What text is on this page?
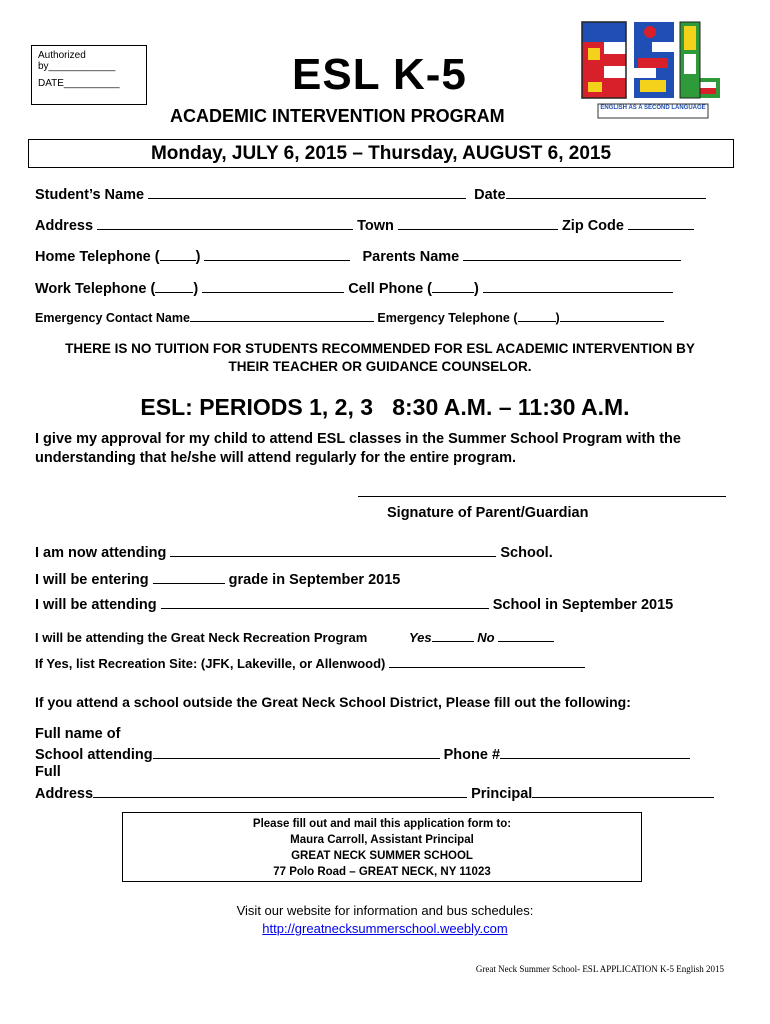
Authorized
by____________
DATE__________	ESL K-5
ACADEMIC INTERVENTION PROGRAM	ENGLISH AS A SECOND LANGUAGE
Monday, JULY 6, 2015 – Thursday, AUGUST 6, 2015
Student’s Name	Date
Address	Town	Zip Code
Home Telephone ( )	Parents Name
Work Telephone (	)	Cell Phone (	)
Emergency Contact Name	Emergency Telephone (	)
THERE IS NO TUITION FOR STUDENTS RECOMMENDED FOR ESL ACADEMIC INTERVENTION BY THEIR TEACHER OR GUIDANCE COUNSELOR.
ESL: PERIODS 1, 2, 3   8:30 A.M. – 11:30 A.M.
I give my approval for my child to attend ESL classes in the Summer School Program with the understanding that he/she will attend regularly for the entire program.
Signature of Parent/Guardian
I am now attending	School.
I will be entering	grade in September 2015
I will be attending	School in September 2015
I will be attending the Great Neck Recreation Program	Yes	No
If Yes, list Recreation Site: (JFK, Lakeville, or Allenwood)
If you attend a school outside the Great Neck School District, Please fill out the following:
Full name of
School attending	Phone #
Full
Address	Principal
Please fill out and mail this application form to:
Maura Carroll, Assistant Principal
GREAT NECK SUMMER SCHOOL
77 Polo Road – GREAT NECK, NY 11023
Visit our website for information and bus schedules:
http://greatnecksummerschool.weebly.com
Great Neck Summer School- ESL APPLICATION K-5 English 2015
